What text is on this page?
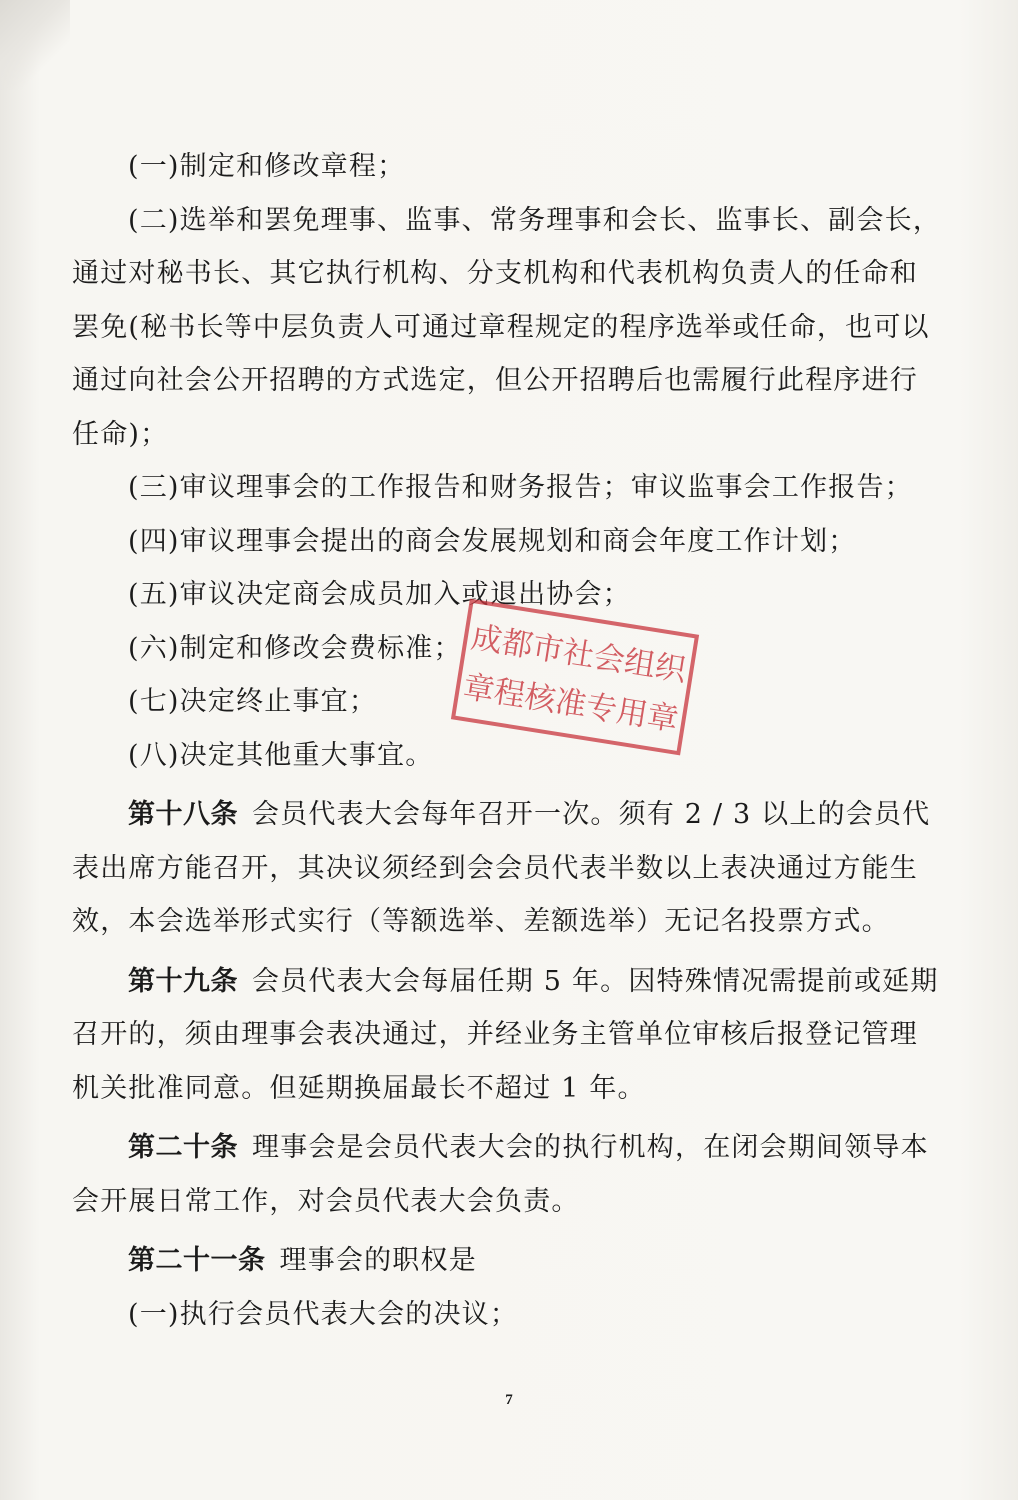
(一)制定和修改章程；

(二)选举和罢免理事、监事、常务理事和会长、监事长、副会长，

通过对秘书长、其它执行机构、分支机构和代表机构负责人的任命和

罢免(秘书长等中层负责人可通过章程规定的程序选举或任命，也可以

通过向社会公开招聘的方式选定，但公开招聘后也需履行此程序进行

任命)；

(三)审议理事会的工作报告和财务报告；审议监事会工作报告；

(四)审议理事会提出的商会发展规划和商会年度工作计划；

(五)审议决定商会成员加入或退出协会；

(六)制定和修改会费标准；

(七)决定终止事宜；

(八)决定其他重大事宜。

第十八条 会员代表大会每年召开一次。须有 2 / 3 以上的会员代

表出席方能召开，其决议须经到会会员代表半数以上表决通过方能生

效，本会选举形式实行（等额选举、差额选举）无记名投票方式。

第十九条 会员代表大会每届任期 5 年。因特殊情况需提前或延期

召开的，须由理事会表决通过，并经业务主管单位审核后报登记管理

机关批准同意。但延期换届最长不超过 1 年。

第二十条 理事会是会员代表大会的执行机构，在闭会期间领导本

会开展日常工作，对会员代表大会负责。

第二十一条 理事会的职权是

(一)执行会员代表大会的决议；

成都市社会组织
章程核准专用章
7
